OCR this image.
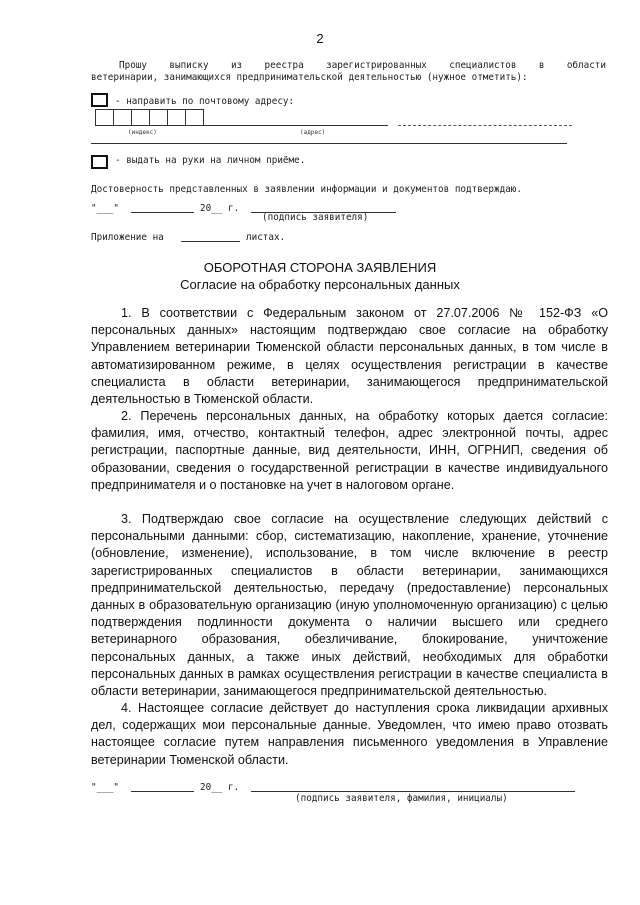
2
Прошу выписку из реестра зарегистрированных специалистов в области
ветеринарии, занимающихся предпринимательской деятельностью (нужное отметить):
- направить по почтовому адресу:
(индекс)	(адрес)
- выдать на руки на личном приёме.
Достоверность представленных в заявлении информации и документов подтверждаю.
"___"	20__ г.
(подпись заявителя)
Приложение на	листах.
ОБОРОТНАЯ СТОРОНА ЗАЯВЛЕНИЯ
Согласие на обработку персональных данных
1. В соответствии с Федеральным законом от 27.07.2006 № 152-ФЗ «О персональных данных» настоящим подтверждаю свое согласие на обработку Управлением ветеринарии Тюменской области персональных данных, в том числе в автоматизированном режиме, в целях осуществления регистрации в качестве специалиста в области ветеринарии, занимающегося предпринимательской деятельностью в Тюменской области.
2. Перечень персональных данных, на обработку которых дается согласие: фамилия, имя, отчество, контактный телефон, адрес электронной почты, адрес регистрации, паспортные данные, вид деятельности, ИНН, ОГРНИП, сведения об образовании, сведения о государственной регистрации в качестве индивидуального предпринимателя и о постановке на учет в налоговом органе.
3. Подтверждаю свое согласие на осуществление следующих действий с персональными данными: сбор, систематизацию, накопление, хранение, уточнение (обновление, изменение), использование, в том числе включение в реестр зарегистрированных специалистов в области ветеринарии, занимающихся предпринимательской деятельностью, передачу (предоставление) персональных данных в образовательную организацию (иную уполномоченную организацию) с целью подтверждения подлинности документа о наличии высшего или среднего ветеринарного образования, обезличивание, блокирование, уничтожение персональных данных, а также иных действий, необходимых для обработки персональных данных в рамках осуществления регистрации в качестве специалиста в области ветеринарии, занимающегося предпринимательской деятельностью.
4. Настоящее согласие действует до наступления срока ликвидации архивных дел, содержащих мои персональные данные. Уведомлен, что имею право отозвать настоящее согласие путем направления письменного уведомления в Управление ветеринарии Тюменской области.
"___"	20__ г.
(подпись заявителя, фамилия, инициалы)
